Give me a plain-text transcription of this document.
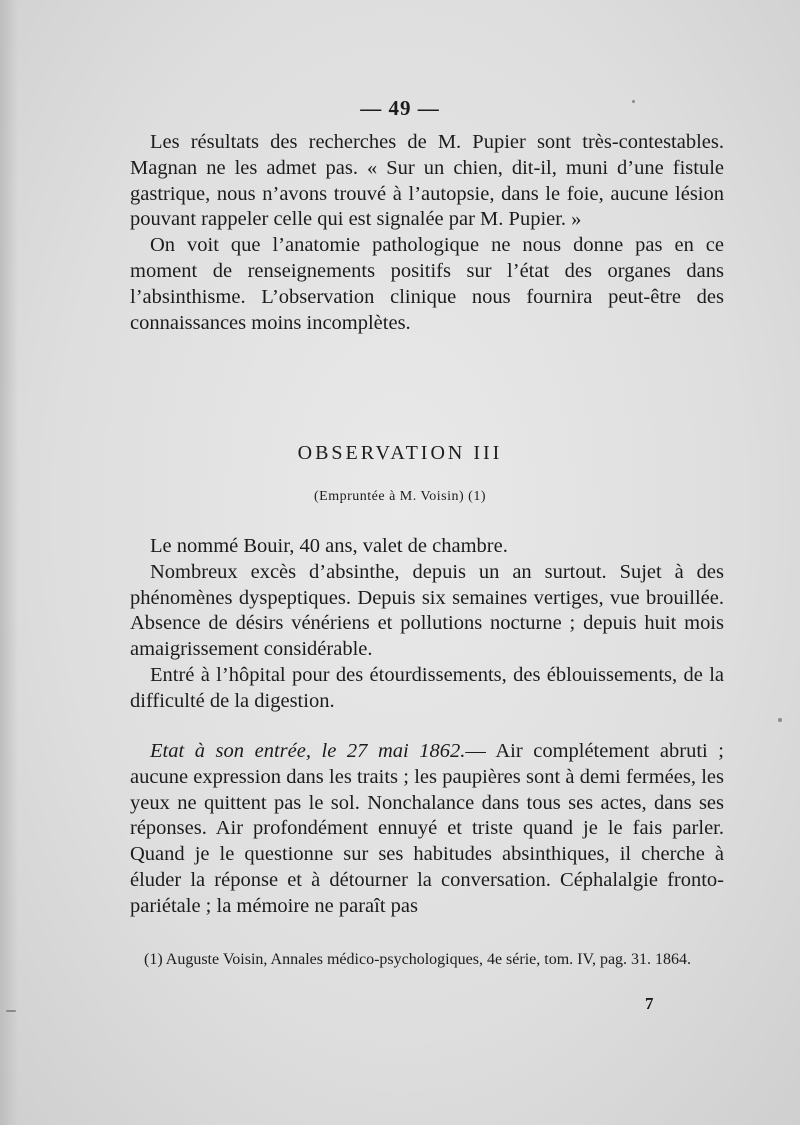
— 49 —

Les résultats des recherches de M. Pupier sont très-contestables. Magnan ne les admet pas. « Sur un chien, dit-il, muni d’une fistule gastrique, nous n’avons trouvé à l’autopsie, dans le foie, aucune lésion pouvant rappeler celle qui est signalée par M. Pupier. »

On voit que l’anatomie pathologique ne nous donne pas en ce moment de renseignements positifs sur l’état des organes dans l’absinthisme. L’observation clinique nous fournira peut-être des connaissances moins incomplètes.

OBSERVATION III
(Empruntée à M. Voisin) (1)

Le nommé Bouir, 40 ans, valet de chambre.

Nombreux excès d’absinthe, depuis un an surtout. Sujet à des phénomènes dyspeptiques. Depuis six semaines vertiges, vue brouillée. Absence de désirs vénériens et pollutions nocturne ; depuis huit mois amaigrissement considérable.

Entré à l’hôpital pour des étourdissements, des éblouissements, de la difficulté de la digestion.

Etat à son entrée, le 27 mai 1862.— Air complétement abruti ; aucune expression dans les traits ; les paupières sont à demi fermées, les yeux ne quittent pas le sol. Nonchalance dans tous ses actes, dans ses réponses. Air profondément ennuyé et triste quand je le fais parler. Quand je le questionne sur ses habitudes absinthiques, il cherche à éluder la réponse et à détourner la conversation. Céphalalgie fronto-pariétale ; la mémoire ne paraît pas

(1) Auguste Voisin, Annales médico-psychologiques, 4e série, tom. IV, pag. 31. 1864.
7
